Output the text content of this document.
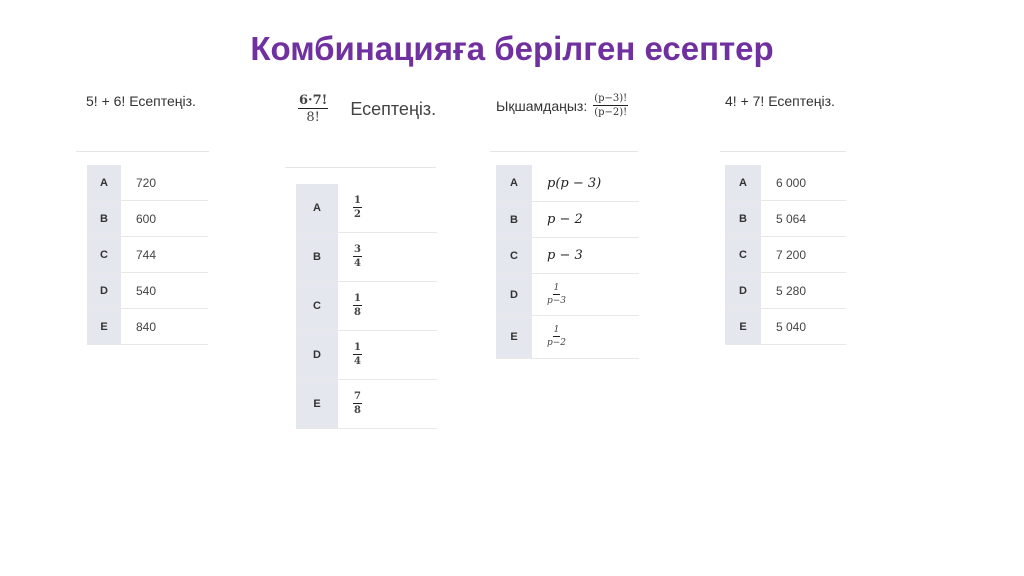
Комбинацияға берілген есептер
5! + 6! Есептеңіз.
A	720
B	600
C	744
D	540
E	840
$\frac{6\cdot 7!}{8!}$ Есептеңіз.
A	$\frac{1}{2}$

B	$\frac{3}{4}$

C	$\frac{1}{8}$

D	$\frac{1}{4}$

E	$\frac{7}{8}$
Ықшамдаңыз: $\frac{(p-3)!}{(p-2)!}$
A	p(p − 3)
B	p − 2
C	p − 3
D	$\frac{1}{p-3}$

E	$\frac{1}{p-2}$
4! + 7! Есептеңіз.
A	6 000
B	5 064
C	7 200
D	5 280
E	5 040
